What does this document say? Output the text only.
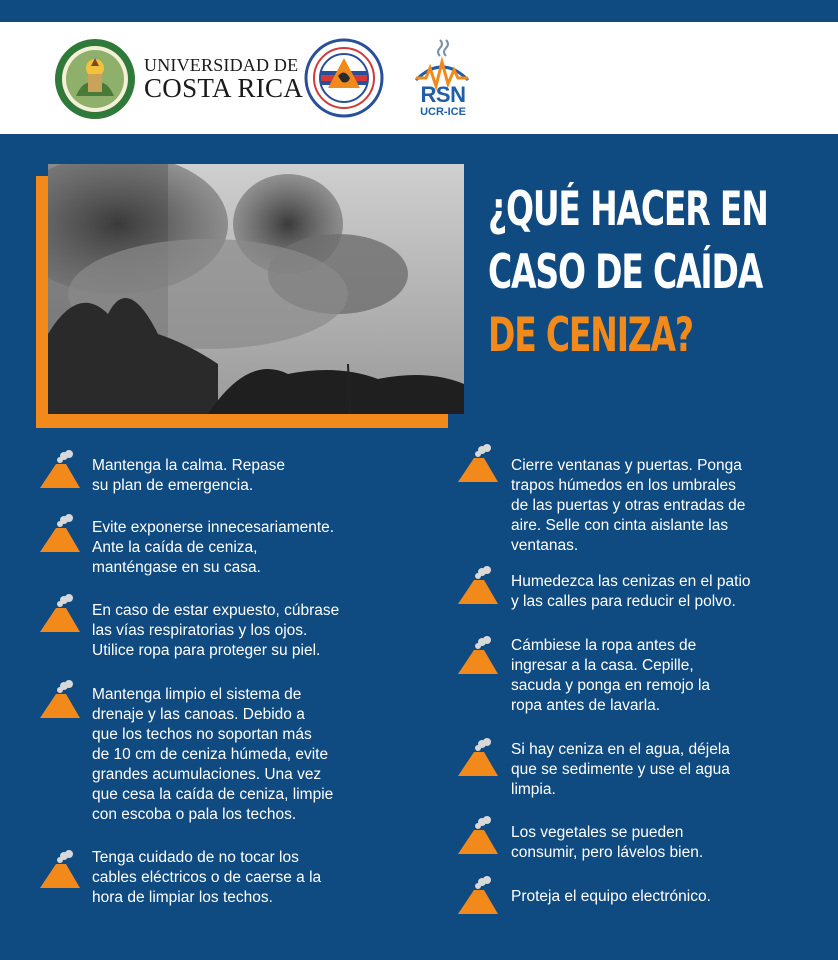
UNIVERSIDAD DE
COSTA RICA	RSN
UCR-ICE
¿QUÉ HACER EN
CASO DE CAÍDA
DE CENIZA?
Mantenga la calma. Repase
su plan de emergencia.
Evite exponerse innecesariamente.
Ante la caída de ceniza,
manténgase en su casa.
En caso de estar expuesto, cúbrase
las vías respiratorias y los ojos.
Utilice ropa para proteger su piel.
Mantenga limpio el sistema de
drenaje y las canoas. Debido a
que los techos no soportan más
de 10 cm de ceniza húmeda, evite
grandes acumulaciones. Una vez
que cesa la caída de ceniza, limpie
con escoba o pala los techos.
Tenga cuidado de no tocar los
cables eléctricos o de caerse a la
hora de limpiar los techos.
Cierre ventanas y puertas. Ponga
trapos húmedos en los umbrales
de las puertas y otras entradas de
aire. Selle con cinta aislante las
ventanas.
Humedezca las cenizas en el patio
y las calles para reducir el polvo.
Cámbiese la ropa antes de
ingresar a la casa. Cepille,
sacuda y ponga en remojo la
ropa antes de lavarla.
Si hay ceniza en el agua, déjela
que se sedimente y use el agua
limpia.
Los vegetales se pueden
consumir, pero lávelos bien.
Proteja el equipo electrónico.
